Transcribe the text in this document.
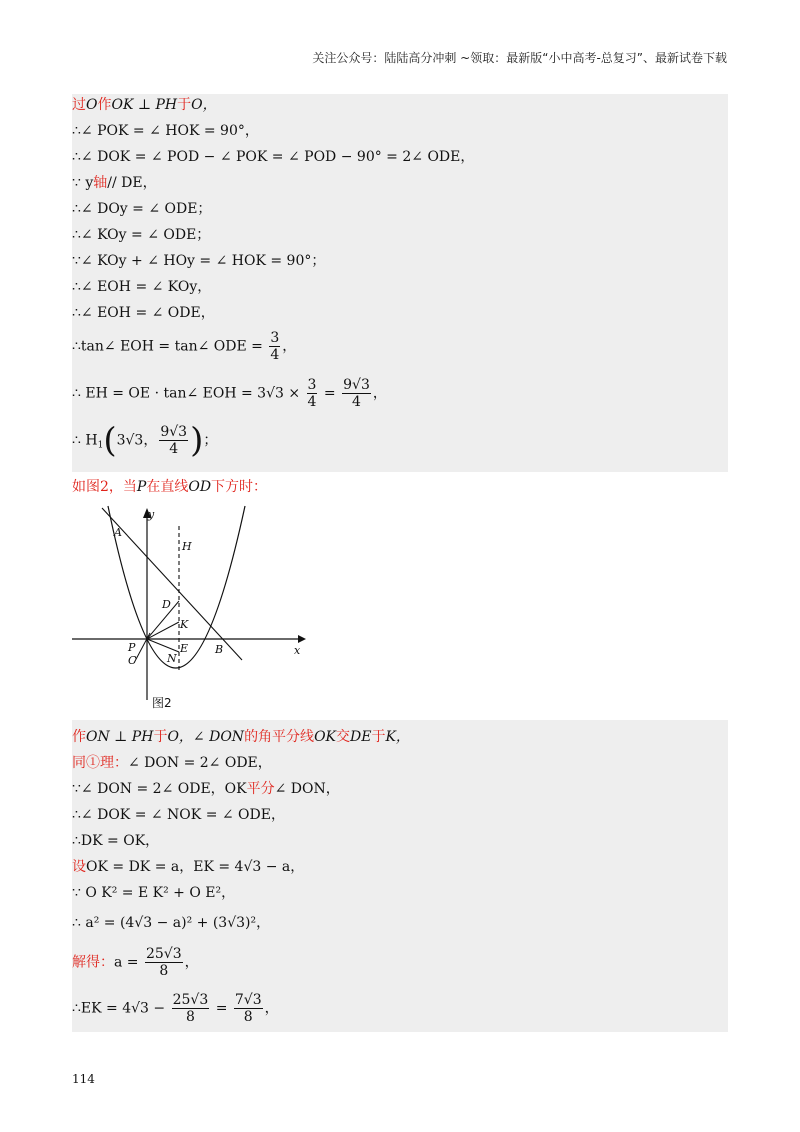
关注公众号：陆陆高分冲刺 ~领取：最新版“小中高考-总复习”、最新试卷下载
过O作OK ⊥ PH于O，
∴∠ POK = ∠ HOK = 90°，
∴∠ DOK = ∠ POD − ∠ POK = ∠ POD − 90° = 2∠ ODE，
∵ y轴// DE，
∴∠ DOy = ∠ ODE；
∴∠ KOy = ∠ ODE；
∵∠ KOy + ∠ HOy = ∠ HOK = 90°；
∴∠ EOH = ∠ KOy，
∴∠ EOH = ∠ ODE，
∴tan∠ EOH = tan∠ ODE = $\frac{3}{4}$ ，
∴ EH = OE · tan∠ EOH = $3√3 \times \frac{3}{4} = \frac{9√3}{4}$ ，
∴ $H_1(3√3$， $\frac{9√3}{4}$ )；
如图2，当P在直线OD下方时：
y
x
A
H
D
K
E
N
P
C
B
图2
作ON ⊥ PH于O，∠ DON的角平分线OK交DE于K，
同①理：∠ DON = 2∠ ODE，
∵∠ DON = 2∠ ODE，OK平分∠ DON，
∴∠ DOK = ∠ NOK = ∠ ODE，
∴DK = OK，
设OK = DK = a，EK = 4√3 − a，
∵ O K² = E K² + O E²，
∴ a² = (4√3 − a)² + (3√3)²，
解得：$a = \frac{25√3}{8}$ ，
∴EK = $4√3 - \frac{25√3}{8} = \frac{7√3}{8}$ ，
114
